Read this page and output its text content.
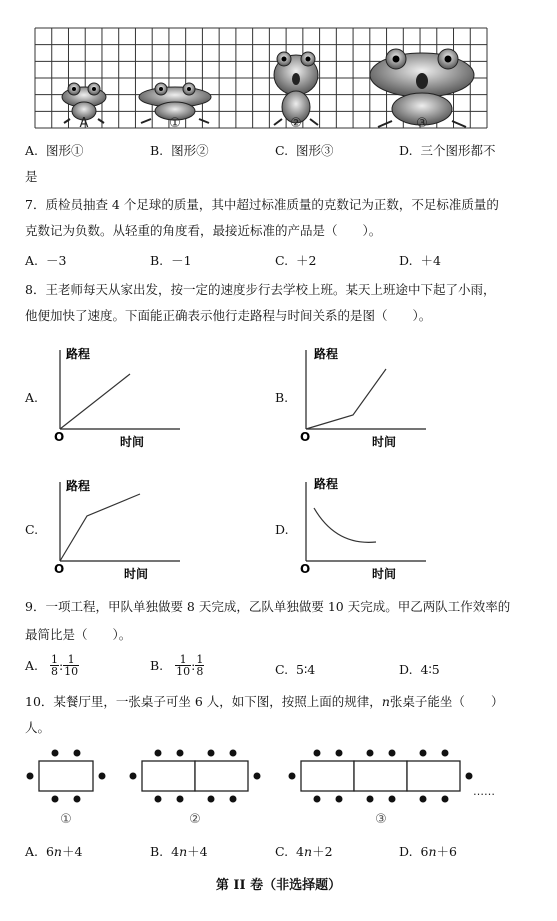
A	①	②	③
A. 图形①	B. 图形②	C. 图形③	D. 三个图形都不
是
7．质检员抽查 4 个足球的质量，其中超过标准质量的克数记为正数，不足标准质量的
克数记为负数。从轻重的角度看，最接近标准的产品是（　　）。
A. －3	B. －1	C. ＋2	D. ＋4
8．王老师每天从家出发，按一定的速度步行去学校上班。某天上班途中下起了小雨，
他便加快了速度。下面能正确表示他行走路程与时间关系的是图（　　）。
A.	B.
C.	D.
路程
时间
O
路程
时间
O
路程
时间
O
路程
时间
O
9．一项工程，甲队单独做要 8 天完成，乙队单独做要 10 天完成。甲乙两队工作效率的
最简比是（　　）。
A. $\frac{1}{8}$ : $\frac{1}{10}$	B. $\frac{1}{10}$ : $\frac{1}{8}$	C. 5∶4	D. 4∶5
10．某餐厅里，一张桌子可坐 6 人，如下图，按照上面的规律，n张桌子能坐（ ）
人。
①	②	③
……
A. 6n＋4	B. 4n＋4	C. 4n＋2	D. 6n＋6
第 II 卷（非选择题）
